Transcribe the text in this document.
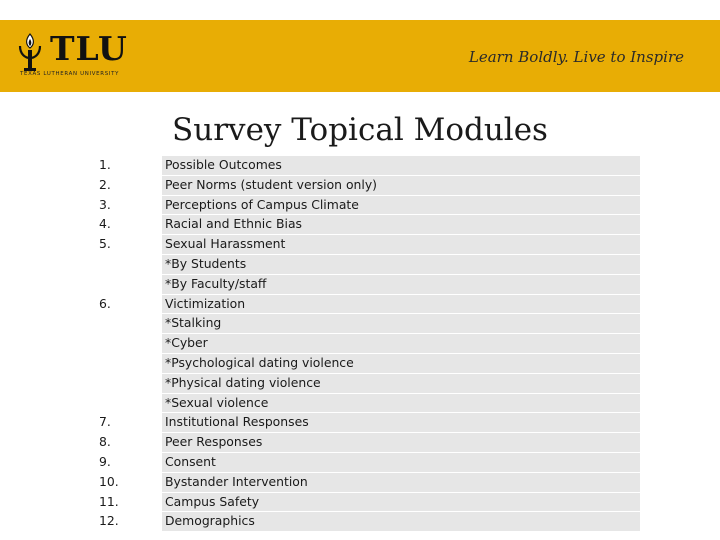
TLU
TEXAS LUTHERAN UNIVERSITY
Learn Boldly. Live to Inspire
Survey Topical Modules
1.	Possible Outcomes
2.	Peer Norms (student version only)
3.	Perceptions of Campus Climate
4.	Racial and Ethnic Bias
5.	Sexual Harassment
	*By Students
	*By Faculty/staff
6.	Victimization
	*Stalking
	*Cyber
	*Psychological dating violence
	*Physical dating violence
	*Sexual violence
7.	Institutional Responses
8.	Peer Responses
9.	Consent
10.	Bystander Intervention
11.	Campus Safety
12.	Demographics
